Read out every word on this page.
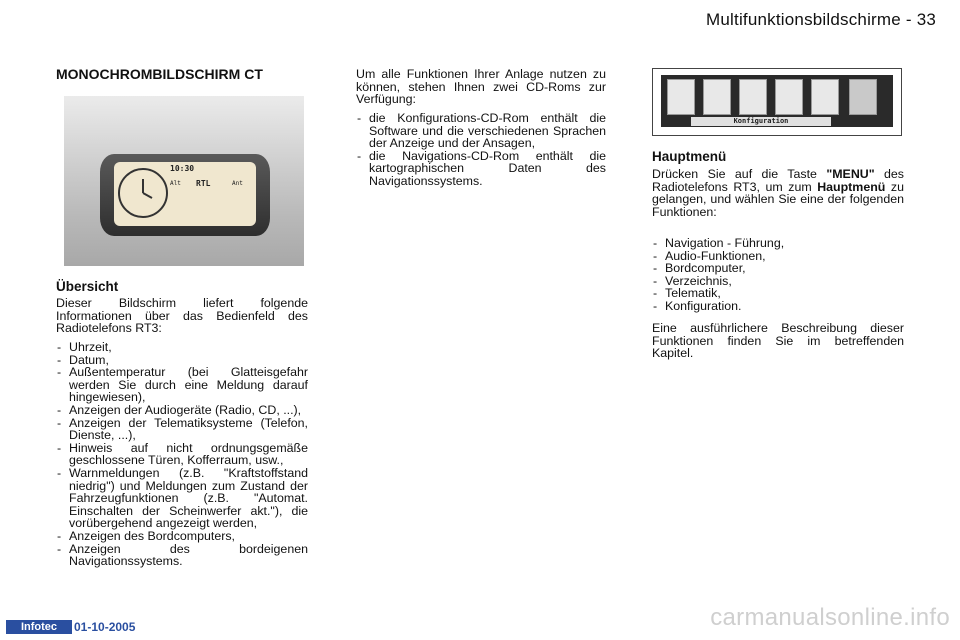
Multifunktionsbildschirme - 33
MONOCHROMBILDSCHIRM CT
10:30
Alt RTL	Ant
Übersicht

Dieser Bildschirm liefert folgende Informationen über das Bedienfeld des Radiotelefons RT3:

- Uhrzeit,
- Datum,
- Außentemperatur (bei Glatteisgefahr werden Sie durch eine Meldung darauf hingewiesen),
- Anzeigen der Audiogeräte (Radio, CD, ...),
- Anzeigen der Telematiksysteme (Telefon, Dienste, ...),
- Hinweis auf nicht ordnungsgemäße geschlossene Türen, Kofferraum, usw.,
- Warnmeldungen (z.B. "Kraftstoffstand niedrig") und Meldungen zum Zustand der Fahrzeugfunktionen (z.B. "Automat. Einschalten der Scheinwerfer akt."), die vorübergehend angezeigt werden,
- Anzeigen des Bordcomputers,
- Anzeigen des bordeigenen Navigationssystems.

Um alle Funktionen Ihrer Anlage nutzen zu können, stehen Ihnen zwei CD-Roms zur Verfügung:

- die Konfigurations-CD-Rom enthält die Software und die verschiedenen Sprachen der Anzeige und der Ansagen,
- die Navigations-CD-Rom enthält die kartographischen Daten des Navigationssystems.
Konfiguration
Hauptmenü

Drücken Sie auf die Taste "MENU" des Radiotelefons RT3, um zum Hauptmenü zu gelangen, und wählen Sie eine der folgenden Funktionen:

- Navigation - Führung,
- Audio-Funktionen,
- Bordcomputer,
- Verzeichnis,
- Telematik,
- Konfiguration.

Eine ausführlichere Beschreibung dieser Funktionen finden Sie im betreffenden Kapitel.

Infotec	01-10-2005	carmanualsonline.info
